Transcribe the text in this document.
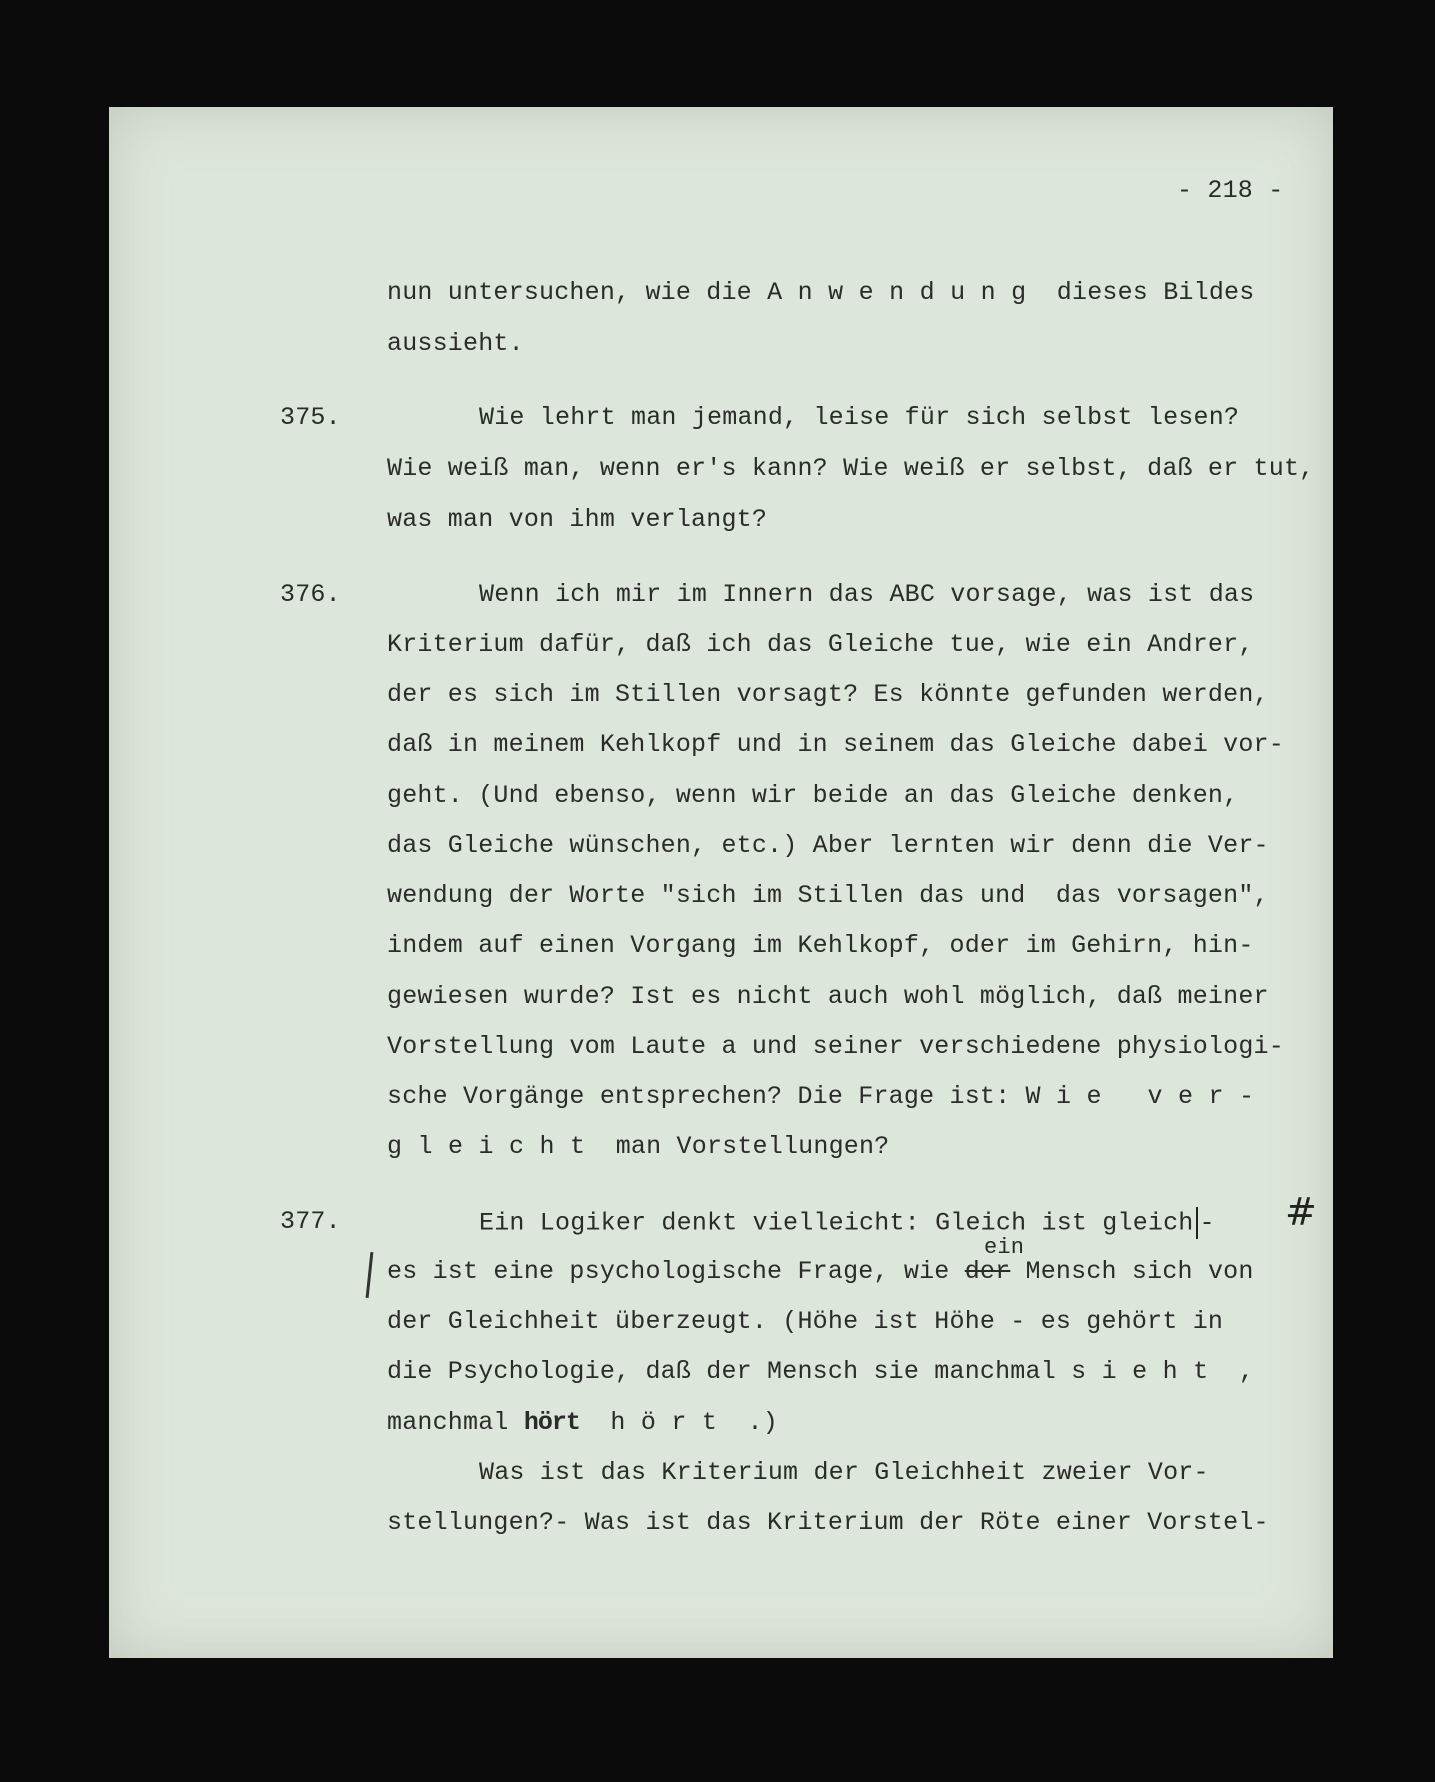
- 218 -
nun untersuchen, wie die Anwendung dieses Bildes
aussieht.
375.	Wie lehrt man jemand, leise für sich selbst lesen?
Wie weiß man, wenn er's kann? Wie weiß er selbst, daß er tut,
was man von ihm verlangt?
376.	Wenn ich mir im Innern das ABC vorsage, was ist das
Kriterium dafür, daß ich das Gleiche tue, wie ein Andrer,
der es sich im Stillen vorsagt? Es könnte gefunden werden,
daß in meinem Kehlkopf und in seinem das Gleiche dabei vor-
geht. (Und ebenso, wenn wir beide an das Gleiche denken,
das Gleiche wünschen, etc.) Aber lernten wir denn die Ver-
wendung der Worte "sich im Stillen das und  das vorsagen",
indem auf einen Vorgang im Kehlkopf, oder im Gehirn, hin-
gewiesen wurde? Ist es nicht auch wohl möglich, daß meiner
Vorstellung vom Laute a und seiner verschiedene physiologi-
sche Vorgänge entsprechen? Die Frage ist: Wie ver-
gleicht man Vorstellungen?
377.	Ein Logiker denkt vielleicht: Gleich ist gleich -
ein
es ist eine psychologische Frage, wie der Mensch sich von
der Gleichheit überzeugt. (Höhe ist Höhe - es gehört in
die Psychologie, daß der Mensch sie manchmal sieht ,
manchmal hört hört .)
Was ist das Kriterium der Gleichheit zweier Vor-
stellungen?- Was ist das Kriterium der Röte einer Vorstel-
#
